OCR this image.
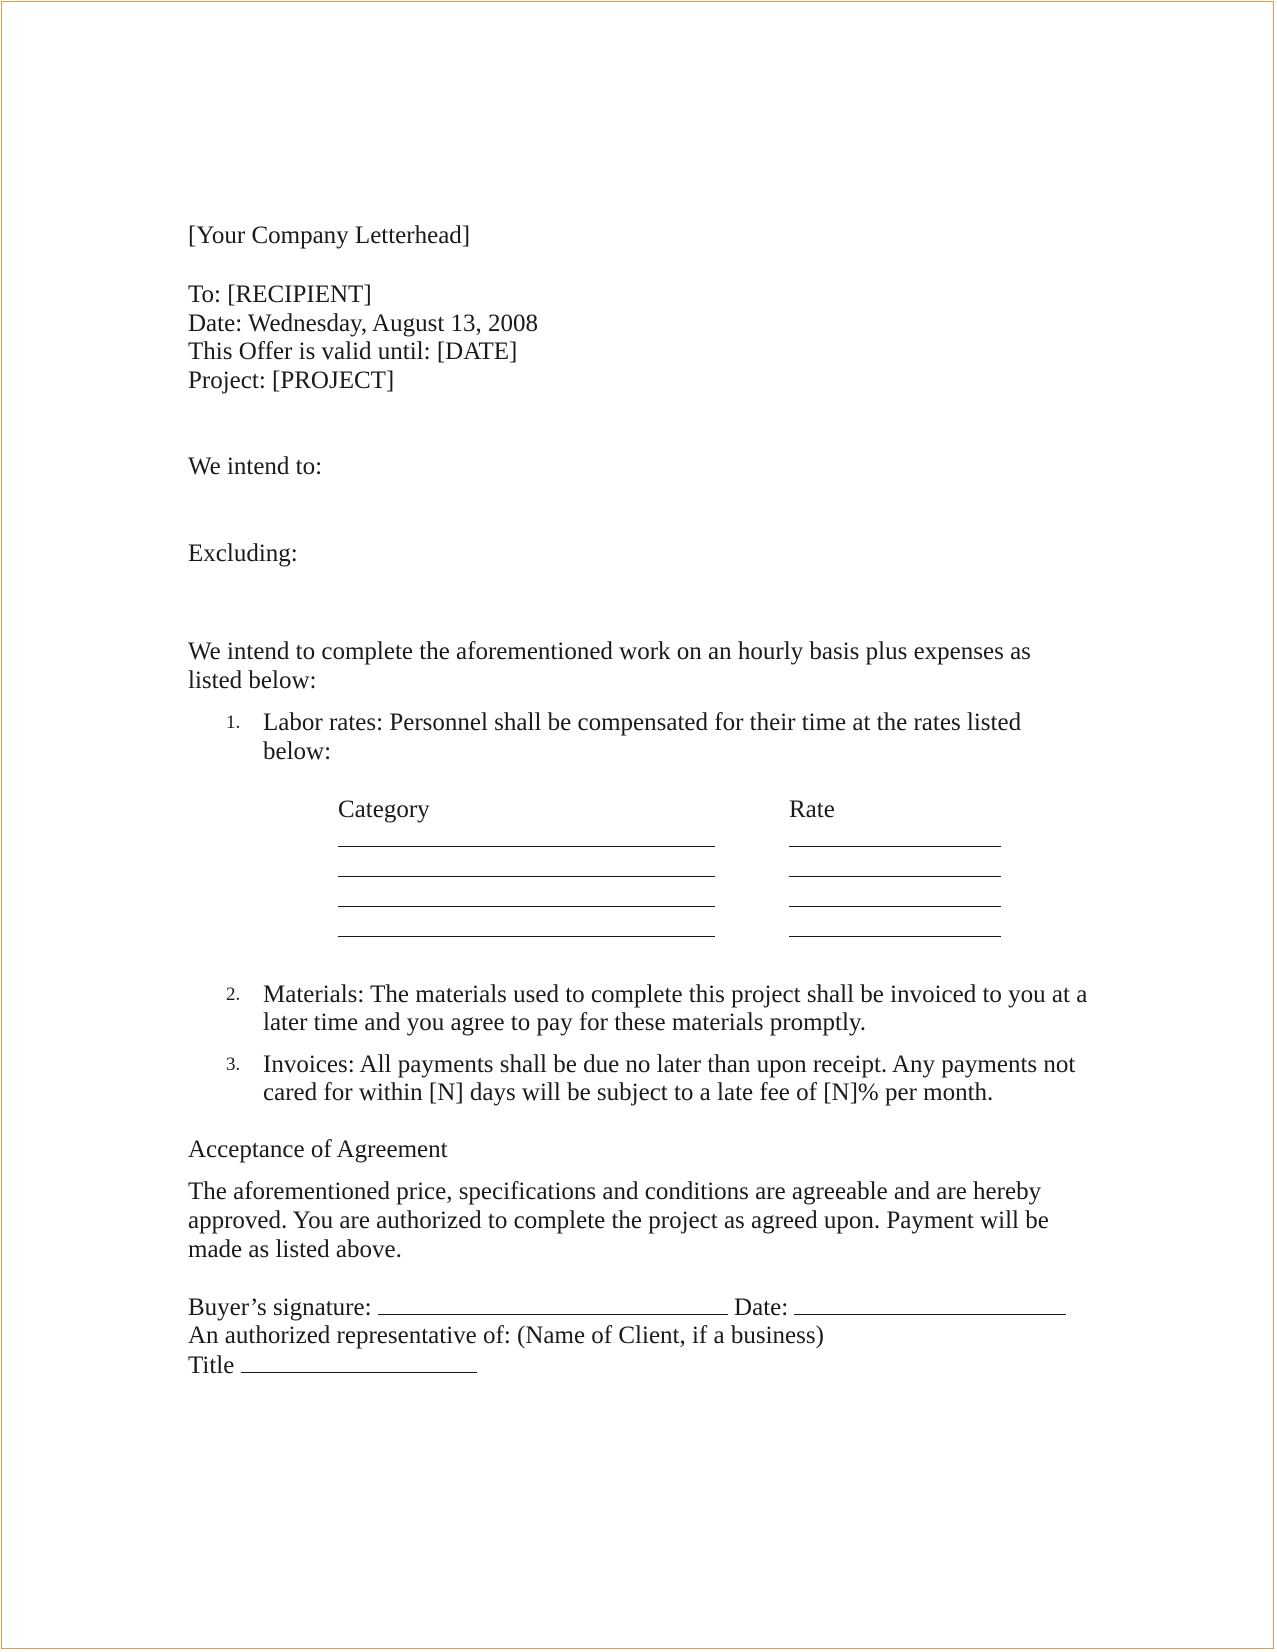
[Your Company Letterhead]
To: [RECIPIENT]
Date: Wednesday, August 13, 2008
This Offer is valid until: [DATE]
Project: [PROJECT]
We intend to:
Excluding:
We intend to complete the aforementioned work on an hourly basis plus expenses as
listed below:
1. Labor rates: Personnel shall be compensated for their time at the rates listed
below:
Category	Rate
2. Materials: The materials used to complete this project shall be invoiced to you at a
later time and you agree to pay for these materials promptly.
3. Invoices: All payments shall be due no later than upon receipt. Any payments not
cared for within [N] days will be subject to a late fee of [N]% per month.
Acceptance of Agreement
The aforementioned price, specifications and conditions are agreeable and are hereby
approved. You are authorized to complete the project as agreed upon. Payment will be
made as listed above.
Buyer’s signature:	Date:
An authorized representative of: (Name of Client, if a business)
Title
